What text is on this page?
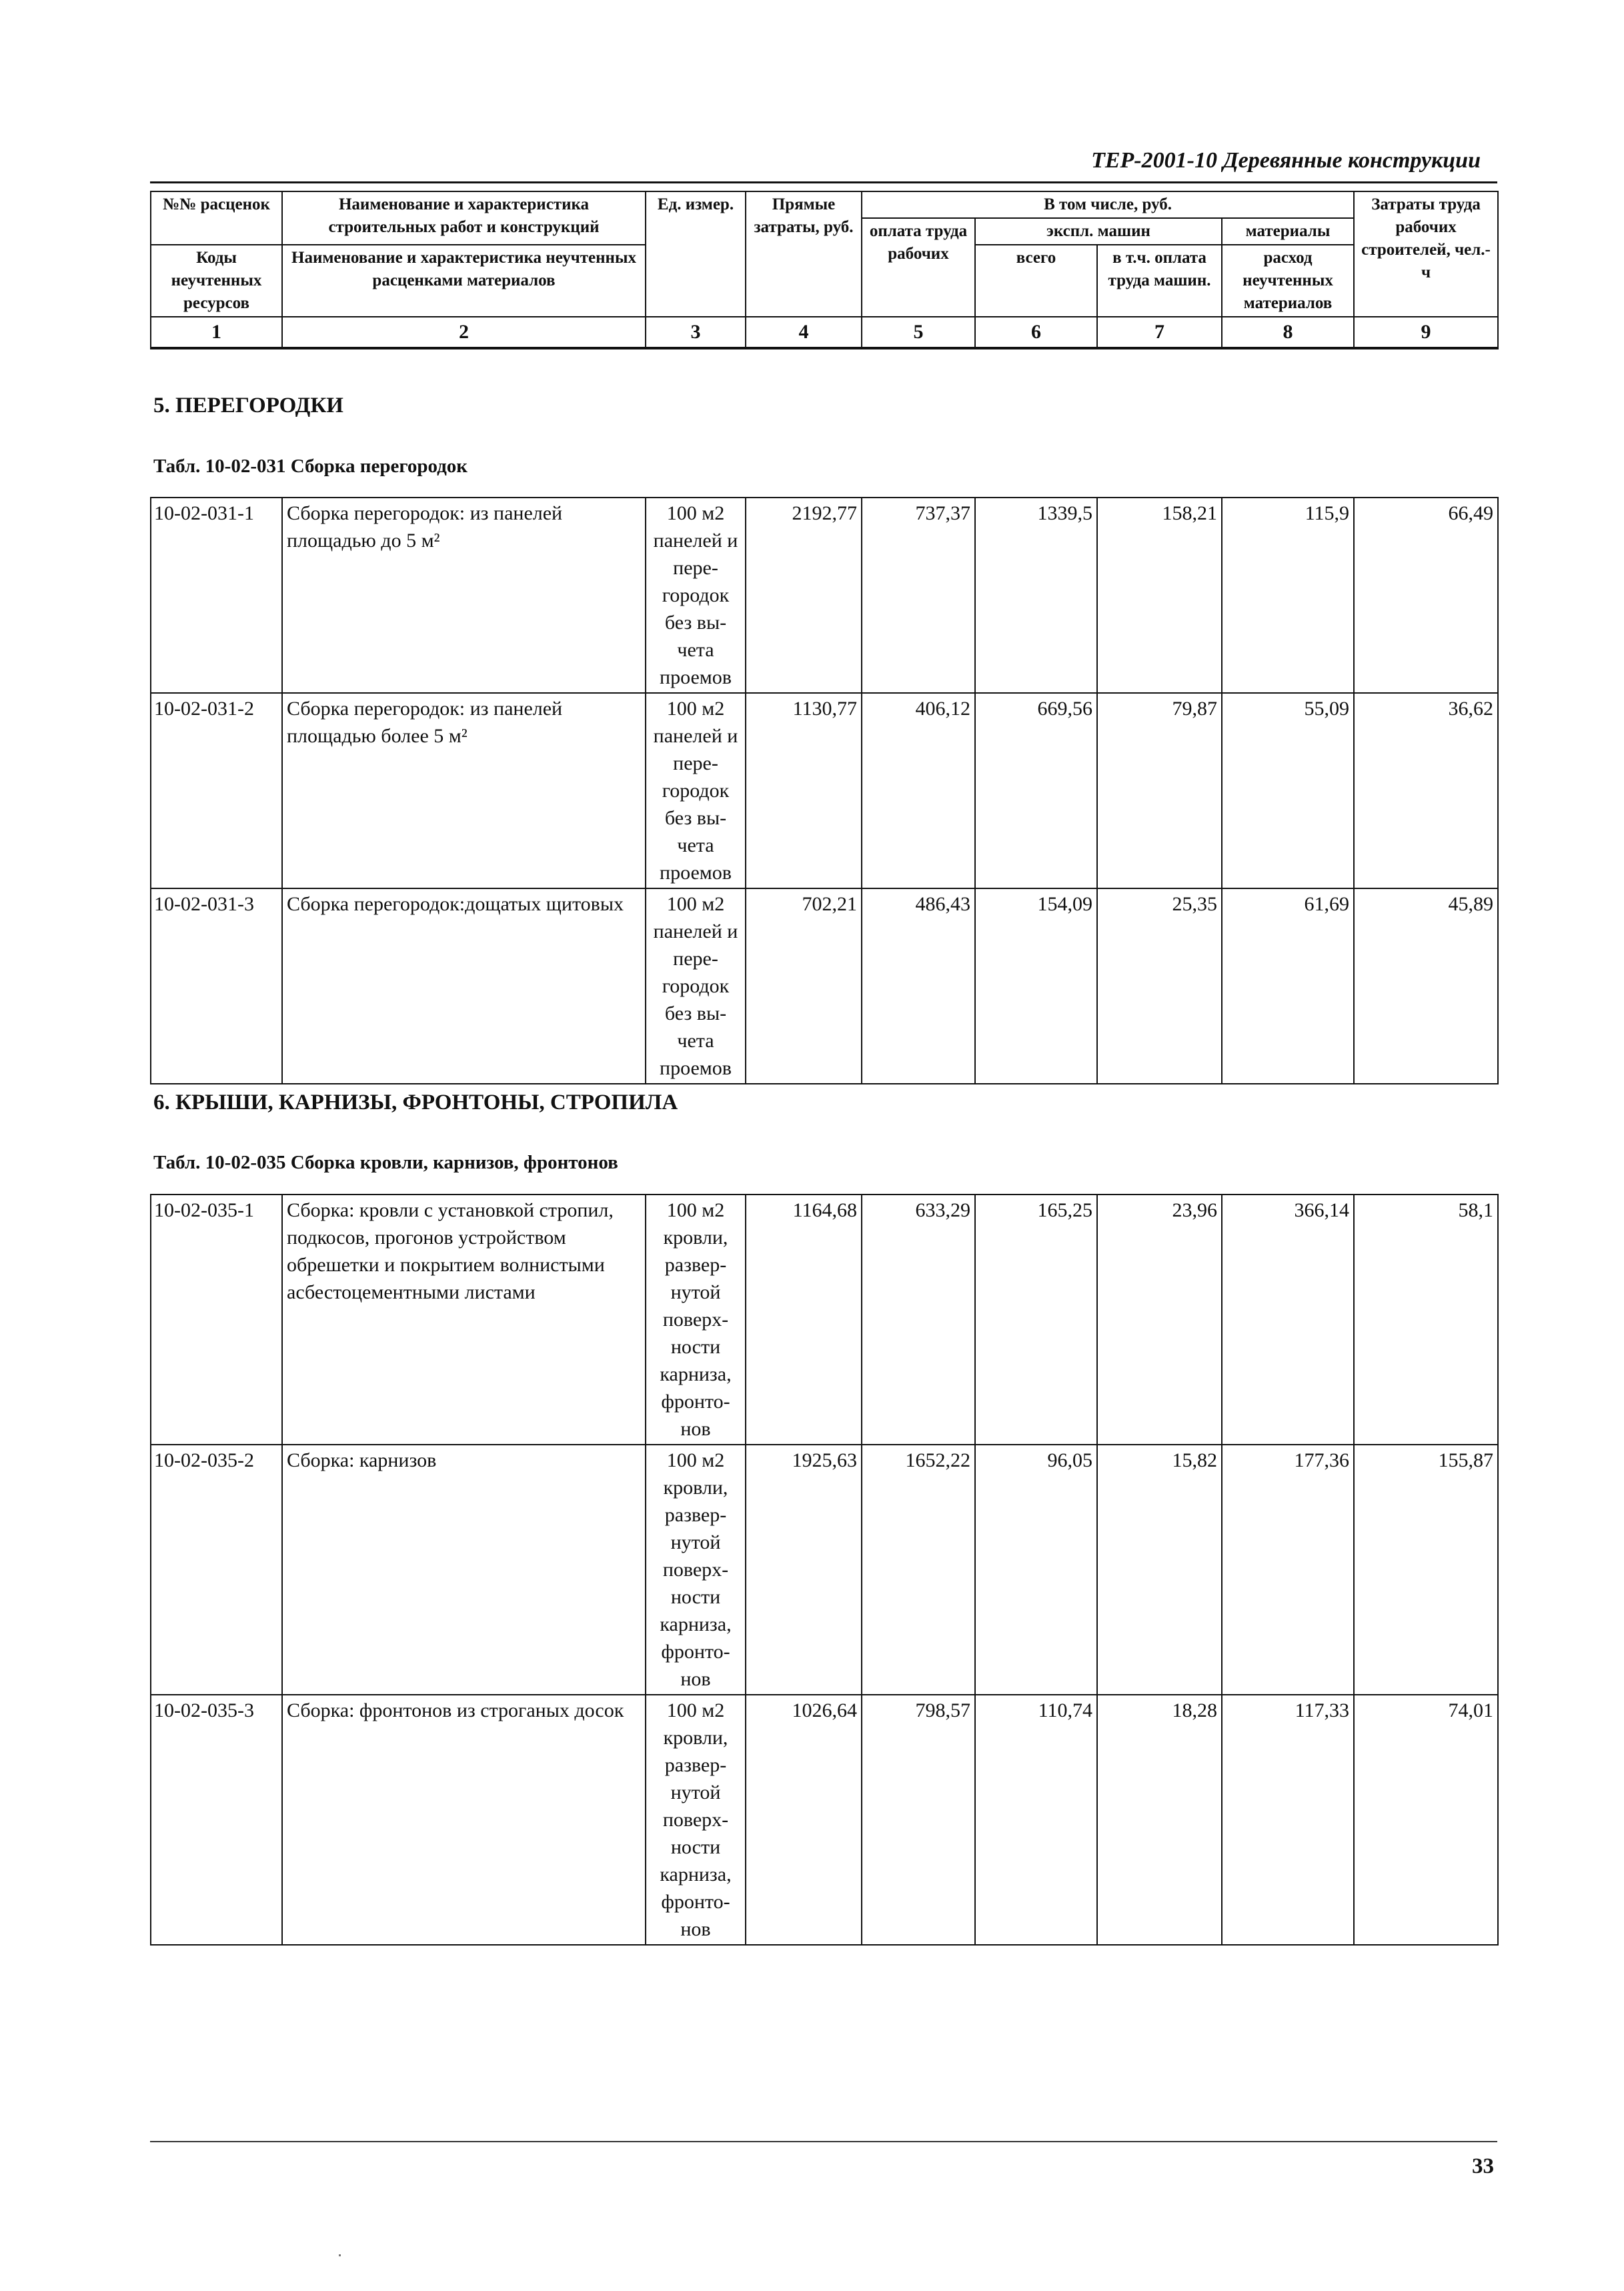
ТЕР-2001-10 Деревянные конструкции
№№ расценок	Наименование и характеристика строительных работ и конструкций	Ед. измер.	Прямые затраты, руб.	В том числе, руб.				Затраты труда рабочих строителей, чел.-ч
				оплата труда рабочих	экспл. машин		материалы	
Коды неучтенных ресурсов	Наименование и характеристика неучтенных расценками материалов				всего	в т.ч. оплата труда машин.	расход неучтенных материалов	

1	2	3	4	5	6	7	8	9
5. ПЕРЕГОРОДКИ
Табл. 10-02-031 Сборка перегородок
10-02-031-1	Сборка перегородок: из панелей площадью до 5 м²	100 м2 панелей и пере-городок без вы-чета проемов	2192,77	737,37	1339,5	158,21	115,9	66,49
10-02-031-2	Сборка перегородок: из панелей площадью более 5 м²	100 м2 панелей и пере-городок без вы-чета проемов	1130,77	406,12	669,56	79,87	55,09	36,62
10-02-031-3	Сборка перегородок:дощатых щитовых	100 м2 панелей и пере-городок без вы-чета проемов	702,21	486,43	154,09	25,35	61,69	45,89
6. КРЫШИ, КАРНИЗЫ, ФРОНТОНЫ, СТРОПИЛА
Табл. 10-02-035 Сборка кровли, карнизов, фронтонов
10-02-035-1	Сборка: кровли с установкой стропил, подкосов, прогонов устройством обрешетки и покрытием волнистыми асбестоцементными листами	100 м2 кровли, развер-нутой поверх-ности карниза, фронто-нов	1164,68	633,29	165,25	23,96	366,14	58,1
10-02-035-2	Сборка: карнизов	100 м2 кровли, развер-нутой поверх-ности карниза, фронто-нов	1925,63	1652,22	96,05	15,82	177,36	155,87
10-02-035-3	Сборка: фронтонов из строганых досок	100 м2 кровли, развер-нутой поверх-ности карниза, фронто-нов	1026,64	798,57	110,74	18,28	117,33	74,01
33
